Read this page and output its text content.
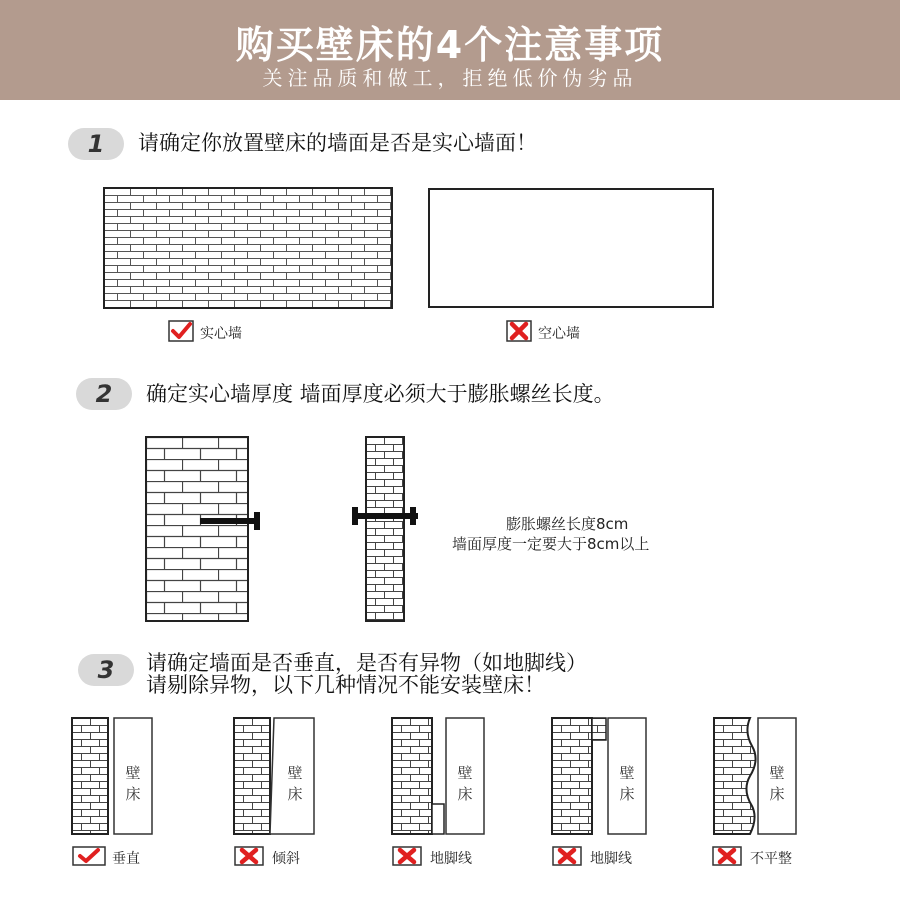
购买壁床的4个注意事项
关注品质和做工，拒绝低价伪劣品
1	请确定你放置壁床的墙面是否是实心墙面！
实心墙	空心墙
2	确定实心墙厚度 墙面厚度必须大于膨胀螺丝长度。
膨胀螺丝长度8cm
墙面厚度一定要大于8cm以上
3	请确定墙面是否垂直，是否有异物（如地脚线）
请剔除异物，以下几种情况不能安装壁床！
壁
床
壁
床
壁
床
壁
床
壁
床
垂直	倾斜	地脚线	地脚线	不平整
